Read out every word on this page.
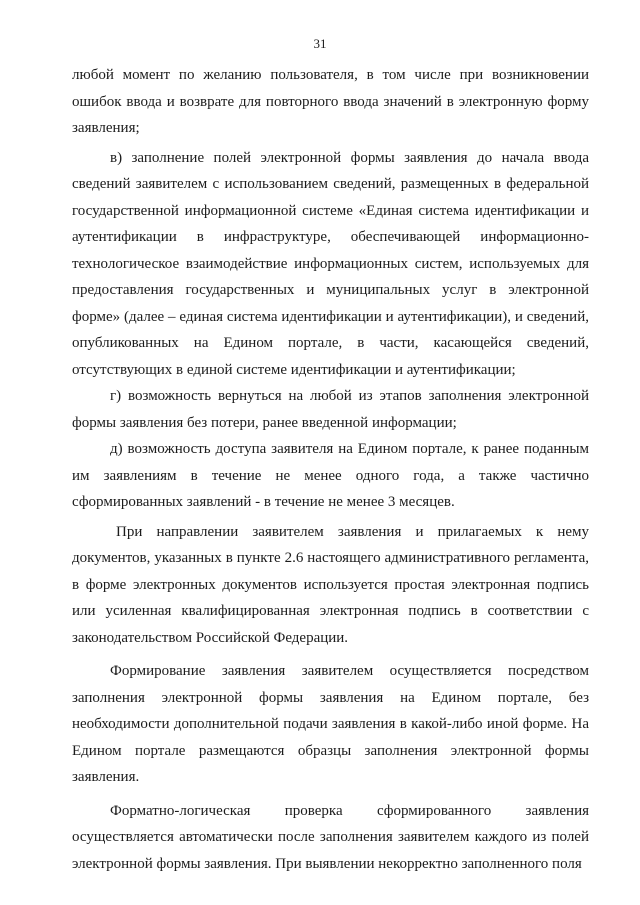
31

любой момент по желанию пользователя, в том числе при возникновении ошибок ввода и возврате для повторного ввода значений в электронную форму заявления;

в) заполнение полей электронной формы заявления до начала ввода сведений заявителем с использованием сведений, размещенных в федеральной государственной информационной системе «Единая система идентификации и аутентификации в инфраструктуре, обеспечивающей информационно-технологическое взаимодействие информационных систем, используемых для предоставления государственных и муниципальных услуг в электронной форме» (далее – единая система идентификации и аутентификации), и сведений, опубликованных на Едином портале, в части, касающейся сведений, отсутствующих в единой системе идентификации и аутентификации;

г) возможность вернуться на любой из этапов заполнения электронной формы заявления без потери, ранее введенной информации;

д) возможность доступа заявителя на Едином портале, к ранее поданным им заявлениям в течение не менее одного года, а также частично сформированных заявлений - в течение не менее 3 месяцев.

При направлении заявителем заявления и прилагаемых к нему документов, указанных в пункте 2.6 настоящего административного регламента, в форме электронных документов используется простая электронная подпись или усиленная квалифицированная электронная подпись в соответствии с законодательством Российской Федерации.

Формирование заявления заявителем осуществляется посредством заполнения электронной формы заявления на Едином портале, без необходимости дополнительной подачи заявления в какой-либо иной форме. На Едином портале размещаются образцы заполнения электронной формы заявления.

Форматно-логическая проверка сформированного заявления осуществляется автоматически после заполнения заявителем каждого из полей электронной формы заявления. При выявлении некорректно заполненного поля
